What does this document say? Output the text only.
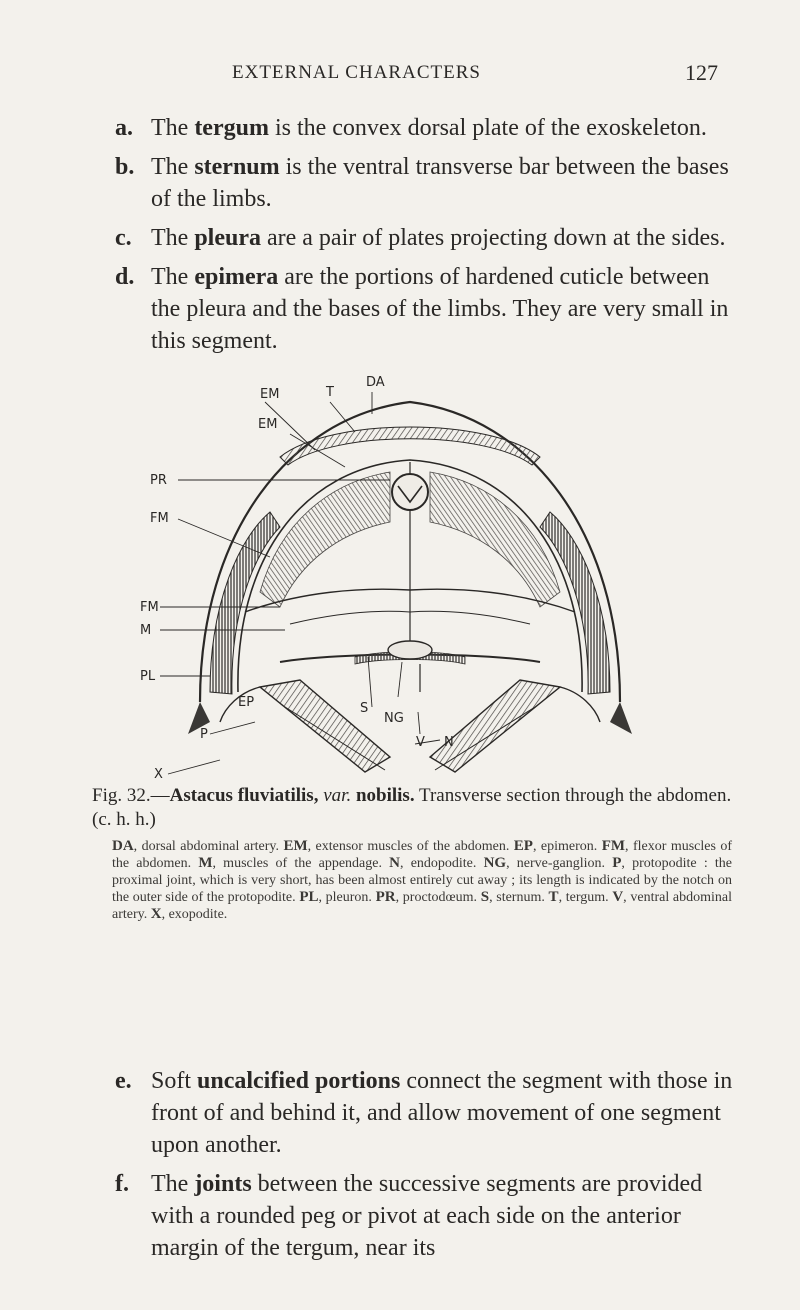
EXTERNAL CHARACTERS	127
a. The tergum is the convex dorsal plate of the exoskeleton.
b. The sternum is the ventral transverse bar between the bases of the limbs.
c. The pleura are a pair of plates projecting down at the sides.
d. The epimera are the portions of hardened cuticle between the pleura and the bases of the limbs. They are very small in this segment.
DA
EM	T
EM
PR
FM
FM
M
PL
EP
P
S
NG
V N
X
Fig. 32.—Astacus fluviatilis, var. nobilis. Transverse section through the abdomen. (c. h. h.)
DA, dorsal abdominal artery. EM, extensor muscles of the abdomen. EP, epimeron. FM, flexor muscles of the abdomen. M, muscles of the appendage. N, endopodite. NG, nerve-ganglion. P, protopodite : the proximal joint, which is very short, has been almost entirely cut away ; its length is indicated by the notch on the outer side of the protopodite. PL, pleuron. PR, proctodœum. S, sternum. T, tergum. V, ventral abdominal artery. X, exopodite.
e. Soft uncalcified portions connect the segment with those in front of and behind it, and allow movement of one segment upon another.
f. The joints between the successive segments are provided with a rounded peg or pivot at each side on the anterior margin of the tergum, near its
